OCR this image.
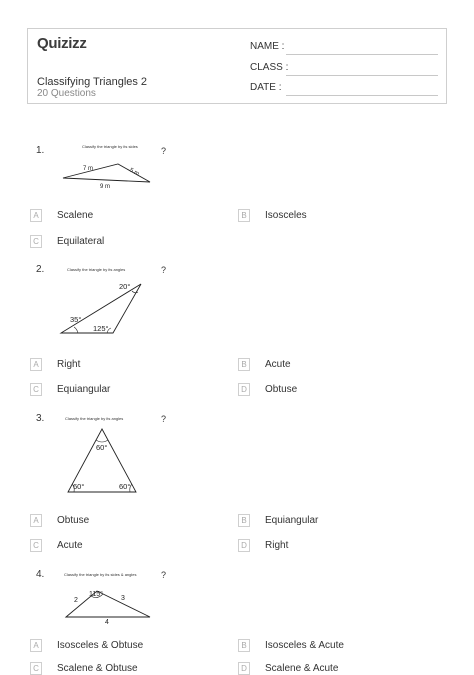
Quizizz
Classifying Triangles 2
20 Questions
NAME :
CLASS :
DATE :
1.	Classify the triangle by its sides	?
7 m	5 m
9 m
A	Scalene	B	Isosceles
C	Equilateral
2.	Classify the triangle by its angles	?
20°
35°
125°
A	Right	B	Acute
C	Equiangular	D	Obtuse
3.	Classify the triangle by its angles	?
60°
60°	60°
A	Obtuse	B	Equiangular
C	Acute	D	Right
4.	Classify the triangle by its sides & angles	?
115°
2	3
4
A	Isosceles & Obtuse	B	Isosceles & Acute
C	Scalene & Obtuse	D	Scalene & Acute
